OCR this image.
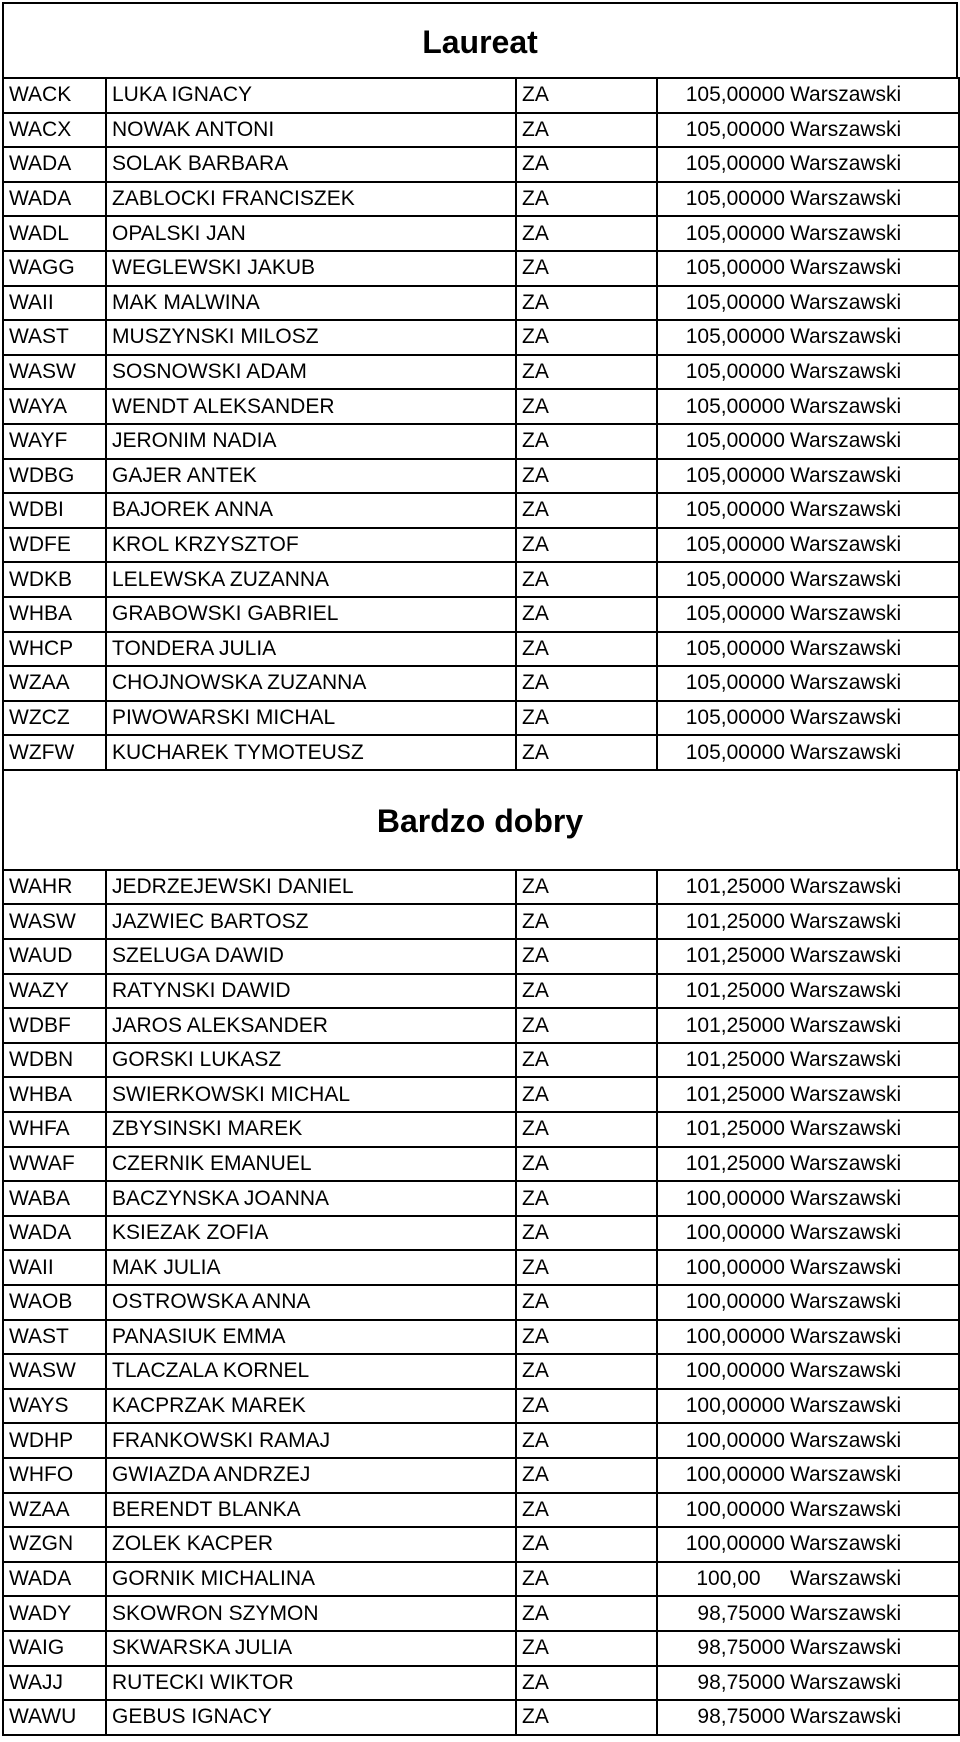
Laureat
WACK	LUKA IGNACY	ZA	105,00000	Warszawski
WACX	NOWAK ANTONI	ZA	105,00000	Warszawski
WADA	SOLAK BARBARA	ZA	105,00000	Warszawski
WADA	ZABLOCKI FRANCISZEK	ZA	105,00000	Warszawski
WADL	OPALSKI JAN	ZA	105,00000	Warszawski
WAGG	WEGLEWSKI JAKUB	ZA	105,00000	Warszawski
WAII	MAK MALWINA	ZA	105,00000	Warszawski
WAST	MUSZYNSKI MILOSZ	ZA	105,00000	Warszawski
WASW	SOSNOWSKI ADAM	ZA	105,00000	Warszawski
WAYA	WENDT ALEKSANDER	ZA	105,00000	Warszawski
WAYF	JERONIM NADIA	ZA	105,00000	Warszawski
WDBG	GAJER ANTEK	ZA	105,00000	Warszawski
WDBI	BAJOREK ANNA	ZA	105,00000	Warszawski
WDFE	KROL KRZYSZTOF	ZA	105,00000	Warszawski
WDKB	LELEWSKA ZUZANNA	ZA	105,00000	Warszawski
WHBA	GRABOWSKI GABRIEL	ZA	105,00000	Warszawski
WHCP	TONDERA JULIA	ZA	105,00000	Warszawski
WZAA	CHOJNOWSKA ZUZANNA	ZA	105,00000	Warszawski
WZCZ	PIWOWARSKI MICHAL	ZA	105,00000	Warszawski
WZFW	KUCHAREK TYMOTEUSZ	ZA	105,00000	Warszawski
Bardzo dobry
WAHR	JEDRZEJEWSKI DANIEL	ZA	101,25000	Warszawski
WASW	JAZWIEC BARTOSZ	ZA	101,25000	Warszawski
WAUD	SZELUGA DAWID	ZA	101,25000	Warszawski
WAZY	RATYNSKI DAWID	ZA	101,25000	Warszawski
WDBF	JAROS ALEKSANDER	ZA	101,25000	Warszawski
WDBN	GORSKI LUKASZ	ZA	101,25000	Warszawski
WHBA	SWIERKOWSKI MICHAL	ZA	101,25000	Warszawski
WHFA	ZBYSINSKI MAREK	ZA	101,25000	Warszawski
WWAF	CZERNIK EMANUEL	ZA	101,25000	Warszawski
WABA	BACZYNSKA JOANNA	ZA	100,00000	Warszawski
WADA	KSIEZAK ZOFIA	ZA	100,00000	Warszawski
WAII	MAK JULIA	ZA	100,00000	Warszawski
WAOB	OSTROWSKA ANNA	ZA	100,00000	Warszawski
WAST	PANASIUK EMMA	ZA	100,00000	Warszawski
WASW	TLACZALA KORNEL	ZA	100,00000	Warszawski
WAYS	KACPRZAK MAREK	ZA	100,00000	Warszawski
WDHP	FRANKOWSKI RAMAJ	ZA	100,00000	Warszawski
WHFO	GWIAZDA ANDRZEJ	ZA	100,00000	Warszawski
WZAA	BERENDT BLANKA	ZA	100,00000	Warszawski
WZGN	ZOLEK KACPER	ZA	100,00000	Warszawski
WADA	GORNIK MICHALINA	ZA	100,00	Warszawski
WADY	SKOWRON SZYMON	ZA	98,75000	Warszawski
WAIG	SKWARSKA JULIA	ZA	98,75000	Warszawski
WAJJ	RUTECKI WIKTOR	ZA	98,75000	Warszawski
WAWU	GEBUS IGNACY	ZA	98,75000	Warszawski
